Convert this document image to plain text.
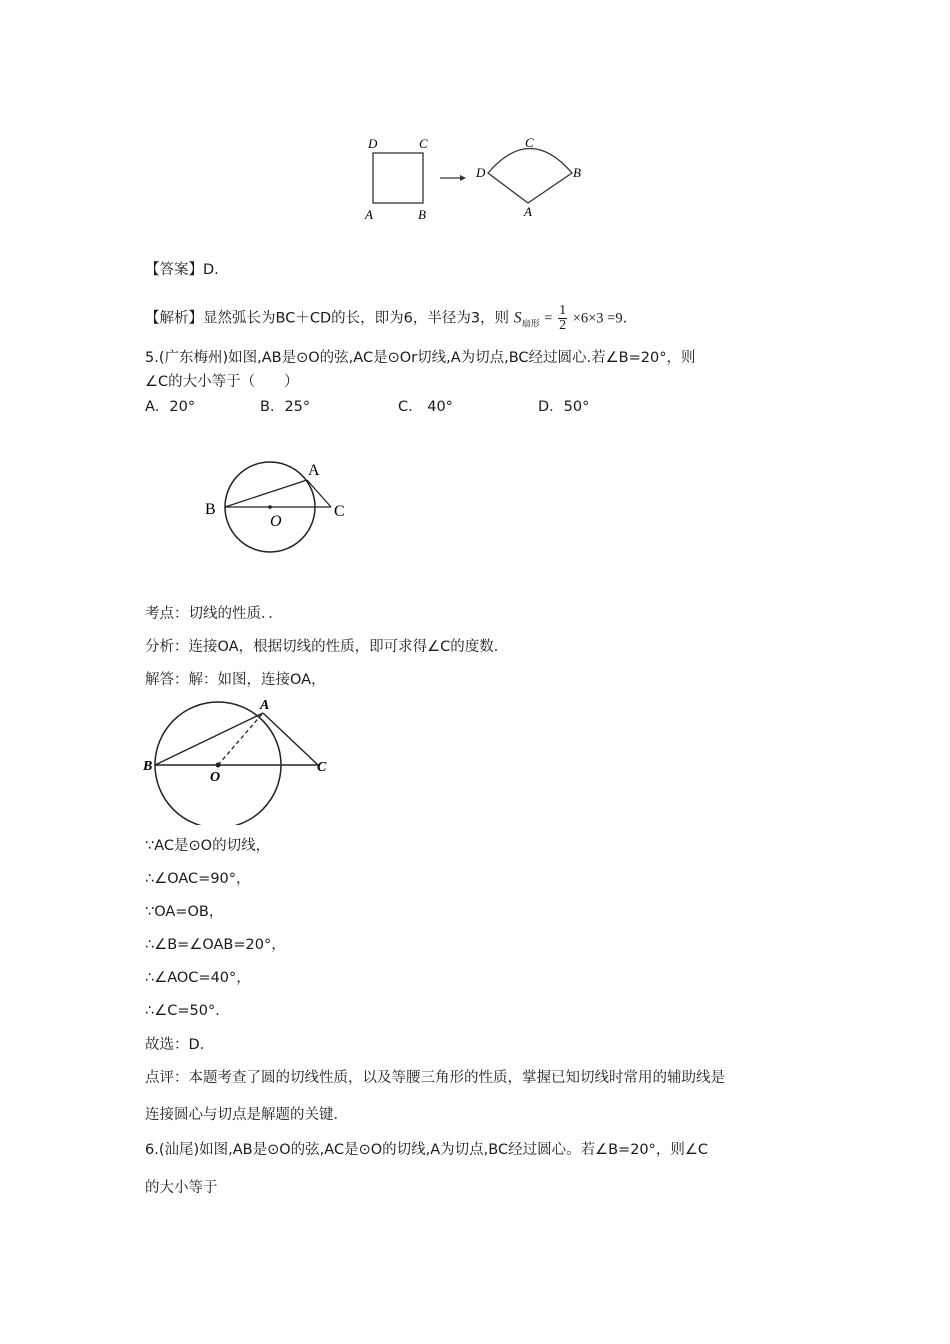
D	C
A	B
C
D	B
A
【答案】D.
【解析】显然弧长为BC＋CD的长，即为6，半径为3，则 $S_{扇形} = \frac{1}{2} \times 6\times 3 =9$.
5.(广东梅州)如图,AB是⊙O的弦,AC是⊙Or切线,A为切点,BC经过圆心.若∠B=20°，则
∠C的大小等于（　　）
A．20°	B．25°	C． 40°	D．50°
A
B	C
O
考点：切线的性质．．
分析：连接OA，根据切线的性质，即可求得∠C的度数．
解答：解：如图，连接OA，
A
B	C
O
∵AC是⊙O的切线，
∴∠OAC=90°，
∵OA=OB，
∴∠B=∠OAB=20°，
∴∠AOC=40°，
∴∠C=50°．
故选：D．
点评：本题考查了圆的切线性质，以及等腰三角形的性质，掌握已知切线时常用的辅助线是
连接圆心与切点是解题的关键．
6.(汕尾)如图,AB是⊙O的弦,AC是⊙O的切线,A为切点,BC经过圆心。若∠B=20°，则∠C
的大小等于
